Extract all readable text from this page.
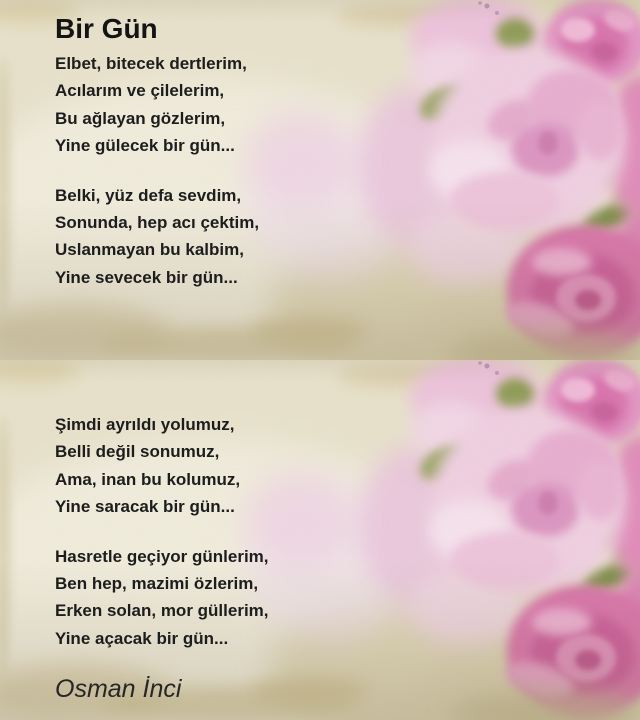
Bir Gün
Elbet, bitecek dertlerim,
Acılarım ve çilelerim,
Bu ağlayan gözlerim,
Yine gülecek bir gün...
Belki, yüz defa sevdim,
Sonunda, hep acı çektim,
Uslanmayan bu kalbim,
Yine sevecek bir gün...
Şimdi ayrıldı yolumuz,
Belli değil sonumuz,
Ama, inan bu kolumuz,
Yine saracak bir gün...
Hasretle geçiyor günlerim,
Ben hep, mazimi özlerim,
Erken solan, mor güllerim,
Yine açacak bir gün...
Osman İnci
